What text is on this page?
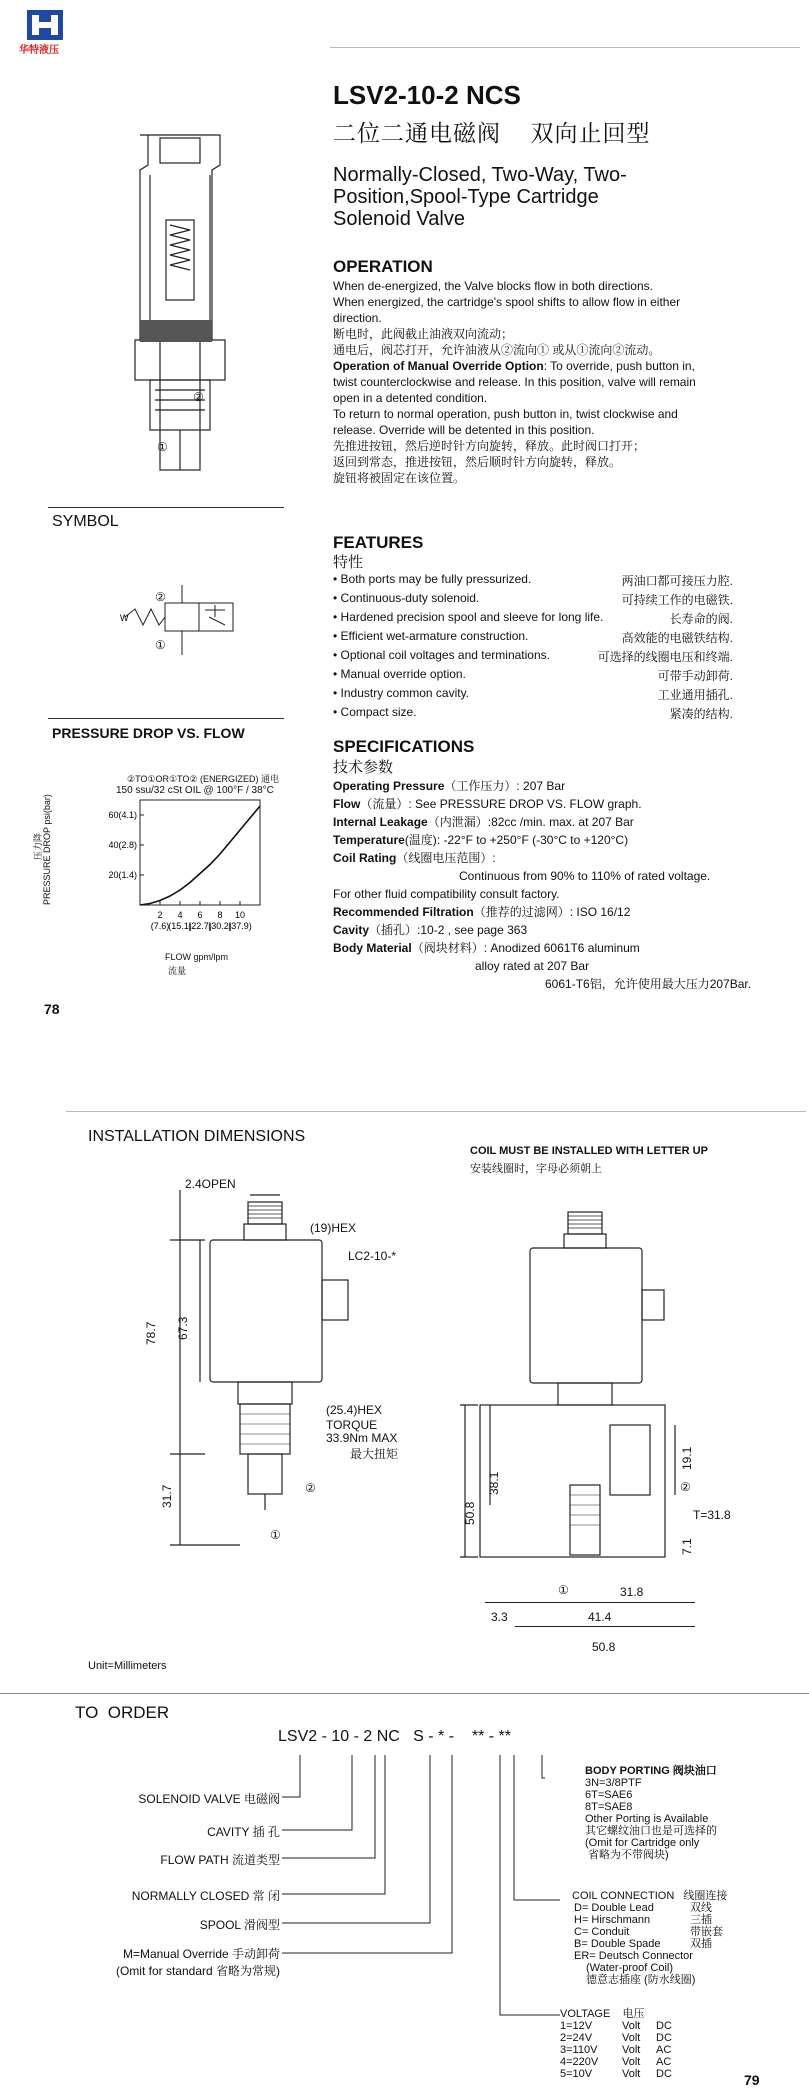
华特液压
LSV2-10-2 NCS
二位二通电磁阀    双向止回型
Normally-Closed, Two-Way, Two-
Position,Spool-Type Cartridge
Solenoid Valve
②
①
OPERATION
When de-energized, the Valve blocks flow in both directions.
When energized, the cartridge's spool shifts to allow flow in either
direction.
断电时，此阀截止油液双向流动；
通电后，阀芯打开，允许油液从②流向① 或从①流向②流动。
Operation of Manual Override Option: To override, push button in,
twist counterclockwise and release. In this position, valve will remain
open in a detented condition.
To return to normal operation, push button in, twist clockwise and
release. Override will be detented in this position.
先推进按钮，然后逆时针方向旋转，释放。此时阀口打开；
返回到常态，推进按钮，然后顺时针方向旋转，释放。
旋钮将被固定在该位置。
SYMBOL
W
②
①
PRESSURE DROP VS. FLOW
②TO①OR①TO② (ENERGIZED) 通电
150 ssu/32 cSt OIL @ 100°F / 38°C
PRESSURE DROP psi(bar)
压力降
20(1.4)
40(2.8)
60(4.1)
2
(7.6)
4
(15.1)
6
(22.7)
8
(30.2)
10
(37.9)
FLOW gpm/lpm
流量
78
FEATURES
特性
• Both ports may be fully pressurized.	两油口都可接压力腔.
• Continuous-duty solenoid.	可持续工作的电磁铁.
• Hardened precision spool and sleeve for long life.	长寿命的阀.
• Efficient wet-armature construction.	高效能的电磁铁结构.
• Optional coil voltages and terminations.	可选择的线圈电压和终端.
• Manual override option.	可带手动卸荷.
• Industry common cavity.	工业通用插孔.
• Compact size.	紧凑的结构.
SPECIFICATIONS
技术参数
Operating Pressure（工作压力）: 207 Bar
Flow（流量）: See PRESSURE DROP VS. FLOW graph.
Internal Leakage（内泄漏）:82cc /min. max. at 207 Bar
Temperature(温度): -22°F to +250°F (-30°C to +120°C)
Coil Rating（线圈电压范围）:
Continuous from 90% to 110% of rated voltage.
For other fluid compatibility consult factory.
Recommended Filtration（推荐的过滤网）: ISO 16/12
Cavity（插孔）:10-2 , see page 363
Body Material（阀块材料）: Anodized 6061T6 aluminum
alloy rated at 207 Bar
6061-T6铝，允许使用最大压力207Bar.
INSTALLATION DIMENSIONS
COIL MUST BE INSTALLED WITH LETTER UP
安装线圈时，字母必须朝上
2.4OPEN
(19)HEX
LC2-10-*
78.7 67.3
(25.4)HEX
TORQUE
33.9Nm MAX
最大扭矩
31.7	②
①
19.1
50.8
38.1
T=31.8
7.1
②
①	31.8
3.3	41.4
50.8
Unit=Millimeters
TO  ORDER
LSV2 - 10 - 2 NC   S - * -    ** - **
SOLENOID VALVE 电磁阀
CAVITY 插 孔
FLOW PATH 流道类型
NORMALLY CLOSED 常 闭
SPOOL 滑阀型
M=Manual Override 手动卸荷
(Omit for standard 省略为常规)
BODY PORTING 阀块油口
3N=3/8PTF
6T=SAE6
8T=SAE8
Other Porting is Available
其它螺纹油口也是可选择的
(Omit for Cartridge only
省略为不带阀块)
COIL CONNECTION   线圈连接
D= Double Lead	双线
H= Hirschmann	三插
C= Conduit	带嵌套
B= Double Spade	双插
ER= Deutsch Connector
(Water-proof Coil)
德意志插座 (防水线圈)
VOLTAGE    电压
1=12V	Volt DC
2=24V	Volt DC
3=110V Volt AC
4=220V Volt AC
5=10V	Volt DC	79
